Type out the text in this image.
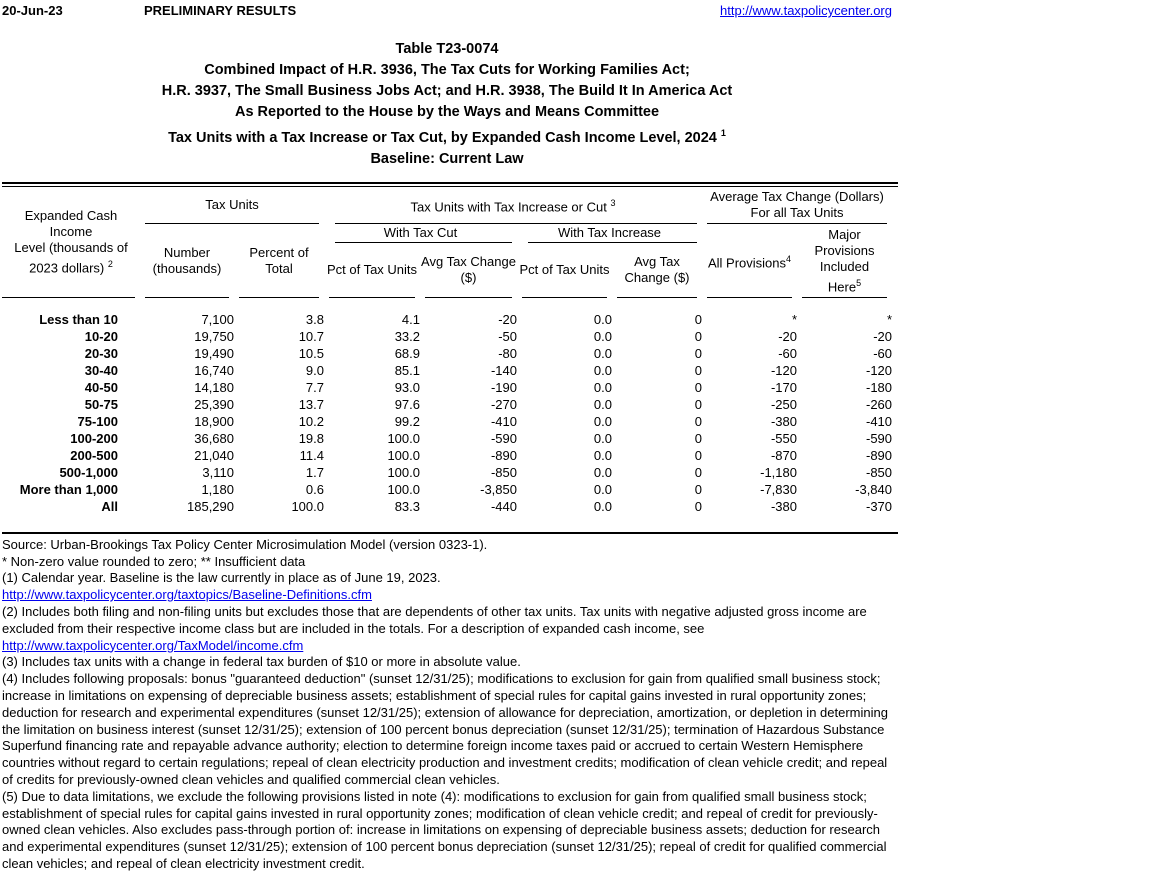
20-Jun-23	PRELIMINARY RESULTS	http://www.taxpolicycenter.org
Table T23-0074
Combined Impact of H.R. 3936, The Tax Cuts for Working Families Act;
H.R. 3937, The Small Business Jobs Act; and H.R. 3938, The Build It In America Act
As Reported to the House by the Ways and Means Committee
Tax Units with a Tax Increase or Tax Cut, by Expanded Cash Income Level, 2024 $^1$
Baseline: Current Law
Expanded Cash Income
Level (thousands of
2023 dollars) $^2$	Tax Units		Tax Units with Tax Increase or Cut $^3$				Average Tax Change (Dollars)
For all Tax Units	

	Number (thousands)	Percent of Total	With Tax Cut		With Tax Increase		All Provisions$^4$	Major
Provisions
Included
Here$^5$

			Pct of Tax Units	Avg Tax Change ($)	Pct of Tax Units	Avg Tax Change ($)		
Less than 10	7,100	3.8	4.1	-20	0.0	0	*	*
10-20	19,750	10.7	33.2	-50	0.0	0	-20	-20
20-30	19,490	10.5	68.9	-80	0.0	0	-60	-60
30-40	16,740	9.0	85.1	-140	0.0	0	-120	-120
40-50	14,180	7.7	93.0	-190	0.0	0	-170	-180
50-75	25,390	13.7	97.6	-270	0.0	0	-250	-260
75-100	18,900	10.2	99.2	-410	0.0	0	-380	-410
100-200	36,680	19.8	100.0	-590	0.0	0	-550	-590
200-500	21,040	11.4	100.0	-890	0.0	0	-870	-890
500-1,000	3,110	1.7	100.0	-850	0.0	0	-1,180	-850
More than 1,000	1,180	0.6	100.0	-3,850	0.0	0	-7,830	-3,840
All	185,290	100.0	83.3	-440	0.0	0	-380	-370

Source: Urban-Brookings Tax Policy Center Microsimulation Model (version 0323-1).

* Non-zero value rounded to zero; ** Insufficient data

(1) Calendar year. Baseline is the law currently in place as of June 19, 2023.

http://www.taxpolicycenter.org/taxtopics/Baseline-Definitions.cfm

(2) Includes both filing and non-filing units but excludes those that are dependents of other tax units. Tax units with negative adjusted gross income are excluded from their respective income class but are included in the totals. For a description of expanded cash income, see

http://www.taxpolicycenter.org/TaxModel/income.cfm

(3) Includes tax units with a change in federal tax burden of $10 or more in absolute value.

(4) Includes following proposals: bonus "guaranteed deduction" (sunset 12/31/25); modifications to exclusion for gain from qualified small business stock; increase in limitations on expensing of depreciable business assets; establishment of special rules for capital gains invested in rural opportunity zones; deduction for research and experimental expenditures (sunset 12/31/25); extension of allowance for depreciation, amortization, or depletion in determining the limitation on business interest (sunset 12/31/25); extension of 100 percent bonus depreciation (sunset 12/31/25); termination of Hazardous Substance Superfund financing rate and repayable advance authority; election to determine foreign income taxes paid or accrued to certain Western Hemisphere countries without regard to certain regulations; repeal of clean electricity production and investment credits; modification of clean vehicle credit; and repeal of credits for previously-owned clean vehicles and qualified commercial clean vehicles.

(5) Due to data limitations, we exclude the following provisions listed in note (4): modifications to exclusion for gain from qualified small business stock; establishment of special rules for capital gains invested in rural opportunity zones; modification of clean vehicle credit; and repeal of credit for previously-owned clean vehicles. Also excludes pass-through portion of: increase in limitations on expensing of depreciable business assets; deduction for research and experimental expenditures (sunset 12/31/25); extension of 100 percent bonus depreciation (sunset 12/31/25); repeal of credit for qualified commercial clean vehicles; and repeal of clean electricity investment credit.
